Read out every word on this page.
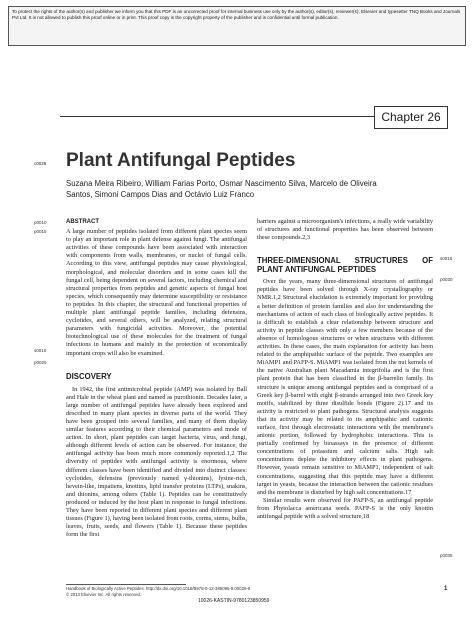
To protect the rights of the author(s) and publisher we inform you that this PDF is an uncorrected proof for internal business use only by the author(s), editor(s), reviewer(s), Elsevier and typesetter TNQ Books and Journals Pvt Ltd. It is not allowed to publish this proof online or in print. This proof copy is the copyright property of the publisher and is confidential until formal publication.
Chapter 26
c0026 Plant Antifungal Peptides
Suzana Meira Ribeiro, William Farias Porto, Osmar Nascimento Silva, Marcelo de Oliveira Santos, Simoni Campos Dias and Octávio Luiz Franco
p0010
p0015
s0010
p0025
s0015
p0030
p0035

ABSTRACT

A large number of peptides isolated from different plant species seem to play an important role in plant defense against fungi. The antifungal activities of these compounds have been associated with interaction with components from walls, membranes, or nuclei of fungal cells. According to this view, antifungal peptides may cause physiological, morphological, and molecular disorders and in some cases kill the fungal cell, being dependent on several factors, including chemical and structural properties from peptides and genetic aspects of fungal host species, which consequently may determine susceptibility or resistance to peptides. In this chapter, the structural and functional properties of multiple plant antifungal peptide families, including defensins, cyclotides, and several others, will be analyzed, relating structural parameters with fungicidal activities. Moreover, the potential biotechnological use of these molecules for the treatment of fungal infections in humans and mainly in the protection of economically important crops will also be examined.

DISCOVERY

In 1942, the first antimicrobial peptide (AMP) was isolated by Ball and Hale in the wheat plant and named as purothionin. Decades later, a large number of antifungal peptides have already been explored and described in many plant species in diverse parts of the world. They have been grouped into several families, and many of them display similar features according to their chemical parameters and mode of action. In short, plant peptides can target bacteria, virus, and fungi, although different levels of action can be observed. For instance, the antifungal activity has been much more commonly reported.1,2 The diversity of peptides with antifungal activity is enormous, where different classes have been identified and divided into distinct classes: cyclotides, defensins (previously named γ-thionins), lysine-rich, hevein-like, impatiens, knottins, lipid transfer proteins (LTPs), snakins, and thionins, among others (Table 1). Peptides can be constitutively produced or induced by the host plant in response to fungal infections. They have been reported in different plant species and different plant tissues (Figure 1), having been isolated from roots, corms, stems, bulbs, leaves, fruits, seeds, and flowers (Table 1). Because these peptides form the first

barriers against a microorganism's infections, a really wide variability of structures and functional properties has been observed between these compounds.2,3

THREE-DIMENSIONAL STRUCTURES OF PLANT ANTIFUNGAL PEPTIDES

Over the years, many three-dimensional structures of antifungal peptides have been solved through X-ray crystallography or NMR.1,2 Structural elucidation is extremely important for providing a better definition of protein families and also for understanding the mechanisms of action of each class of biologically active peptides. It is difficult to establish a clear relationship between structure and activity in peptide classes with only a few members because of the absence of homologous structures or when structures with different activities. In these cases, the main explanation for activity has been related to the amphipathic surface of the peptide. Two examples are MiAMP1 and PAFP-S. MiAMP1 was isolated from the nut kernels of the native Australian plant Macadamia integrifolia and is the first plant protein that has been classified in the β-barrelin family. Its structure is unique among antifungal peptides and is comprised of a Greek key β-barrel with eight β-strands arranged into two Greek key motifs, stabilized by three disulfide bonds (Figure 2).17 and its activity is restricted to plant pathogens. Structural analysis suggests that its activity may be related to its amphipathic and cationic surface, first through electrostatic interactions with the membrane's anionic portion, followed by hydrophobic interactions. This is partially confirmed by bioassays in the presence of different concentrations of potassium and calcium salts. High salt concentrations deplete the inhibitory effects in plant pathogens. However, yeasts remain sensitive to MiAMP1, independent of salt concentrations, suggesting that this peptide may have a different target in yeasts, because the interaction between the cationic residues and the membrane is disturbed by high salt concentrations.17

Similar results were observed for PAFP-S, an antifungal peptide from Phytolacca americana seeds. PAFP-S is the only knottin antifungal peptide with a solved structure,18

Handbook of Biologically Active Peptides. http://dx.doi.org/10.1016/B978-0-12-385095-9.00026-6
© 2013 Elsevier Inc. All rights reserved.
1
10026-KASTIN-9780123850959
